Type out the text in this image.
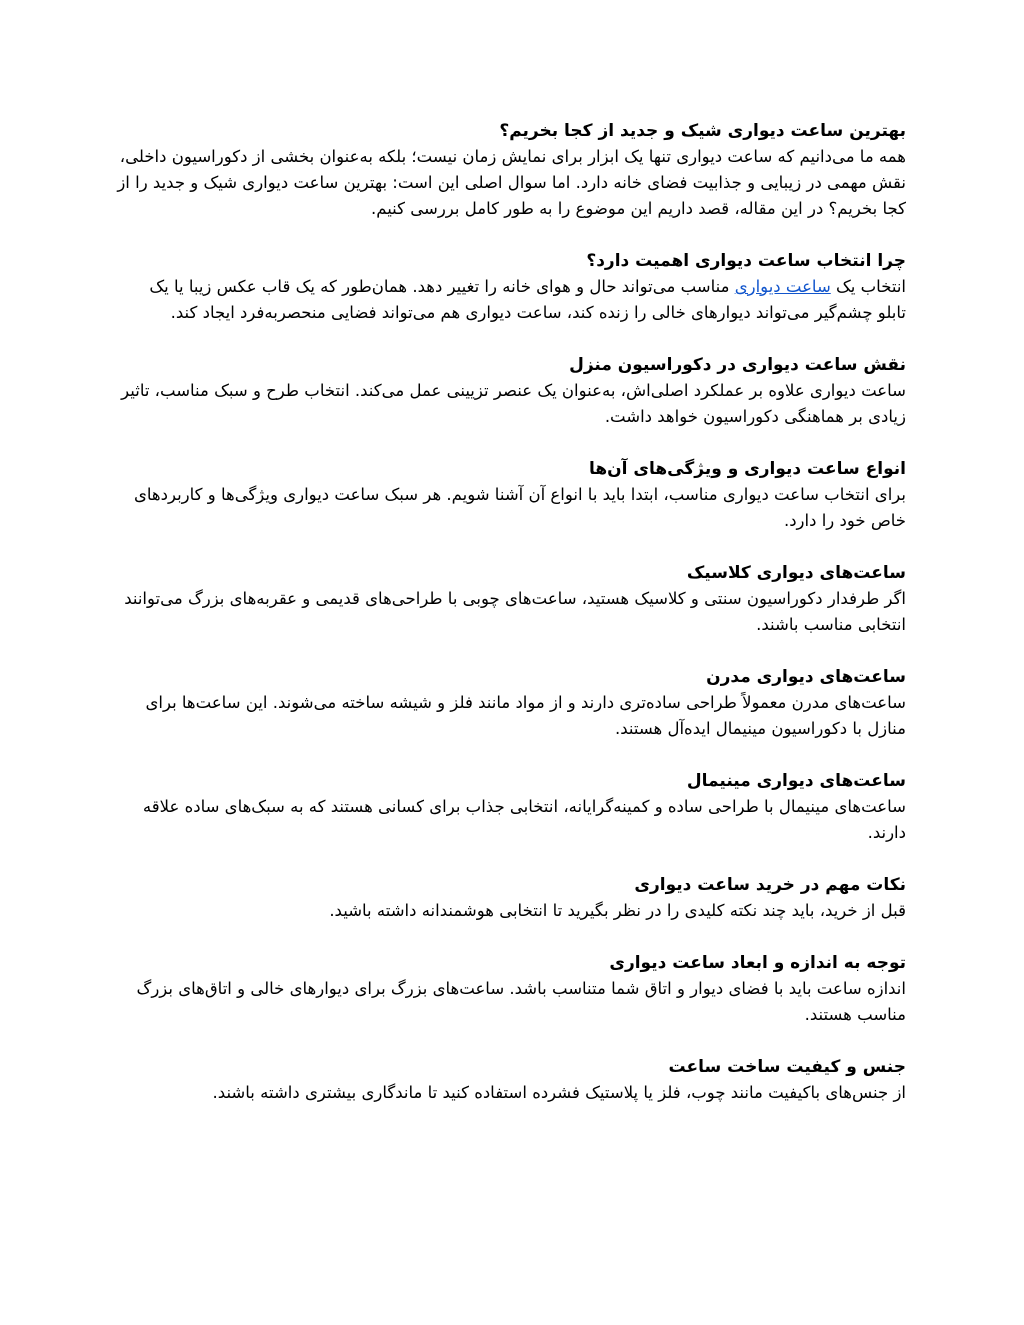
بهترین ساعت دیواری شیک و جدید از کجا بخریم؟

همه ما می‌دانیم که ساعت دیواری تنها یک ابزار برای نمایش زمان نیست؛ بلکه به‌عنوان بخشی از دکوراسیون داخلی، نقش مهمی در زیبایی و جذابیت فضای خانه دارد. اما سوال اصلی این است: بهترین ساعت دیواری شیک و جدید را از کجا بخریم؟ در این مقاله، قصد داریم این موضوع را به طور کامل بررسی کنیم.

چرا انتخاب ساعت دیواری اهمیت دارد؟

انتخاب یک ساعت دیواری مناسب می‌تواند حال و هوای خانه را تغییر دهد. همان‌طور که یک قاب عکس زیبا یا یک تابلو چشم‌گیر می‌تواند دیوارهای خالی را زنده کند، ساعت دیواری هم می‌تواند فضایی منحصربه‌فرد ایجاد کند.

نقش ساعت دیواری در دکوراسیون منزل

ساعت دیواری علاوه بر عملکرد اصلی‌اش، به‌عنوان یک عنصر تزیینی عمل می‌کند. انتخاب طرح و سبک مناسب، تاثیر زیادی بر هماهنگی دکوراسیون خواهد داشت.

انواع ساعت دیواری و ویژگی‌های آن‌ها

برای انتخاب ساعت دیواری مناسب، ابتدا باید با انواع آن آشنا شویم. هر سبک ساعت دیواری ویژگی‌ها و کاربردهای خاص خود را دارد.

ساعت‌های دیواری کلاسیک

اگر طرفدار دکوراسیون سنتی و کلاسیک هستید، ساعت‌های چوبی با طراحی‌های قدیمی و عقربه‌های بزرگ می‌توانند انتخابی مناسب باشند.

ساعت‌های دیواری مدرن

ساعت‌های مدرن معمولاً طراحی ساده‌تری دارند و از مواد مانند فلز و شیشه ساخته می‌شوند. این ساعت‌ها برای منازل با دکوراسیون مینیمال ایده‌آل هستند.

ساعت‌های دیواری مینیمال

ساعت‌های مینیمال با طراحی ساده و کمینه‌گرایانه، انتخابی جذاب برای کسانی هستند که به سبک‌های ساده علاقه دارند.

نکات مهم در خرید ساعت دیواری

قبل از خرید، باید چند نکته کلیدی را در نظر بگیرید تا انتخابی هوشمندانه داشته باشید.

توجه به اندازه و ابعاد ساعت دیواری

اندازه ساعت باید با فضای دیوار و اتاق شما متناسب باشد. ساعت‌های بزرگ برای دیوارهای خالی و اتاق‌های بزرگ مناسب هستند.

جنس و کیفیت ساخت ساعت

از جنس‌های باکیفیت مانند چوب، فلز یا پلاستیک فشرده استفاده کنید تا ماندگاری بیشتری داشته باشند.
